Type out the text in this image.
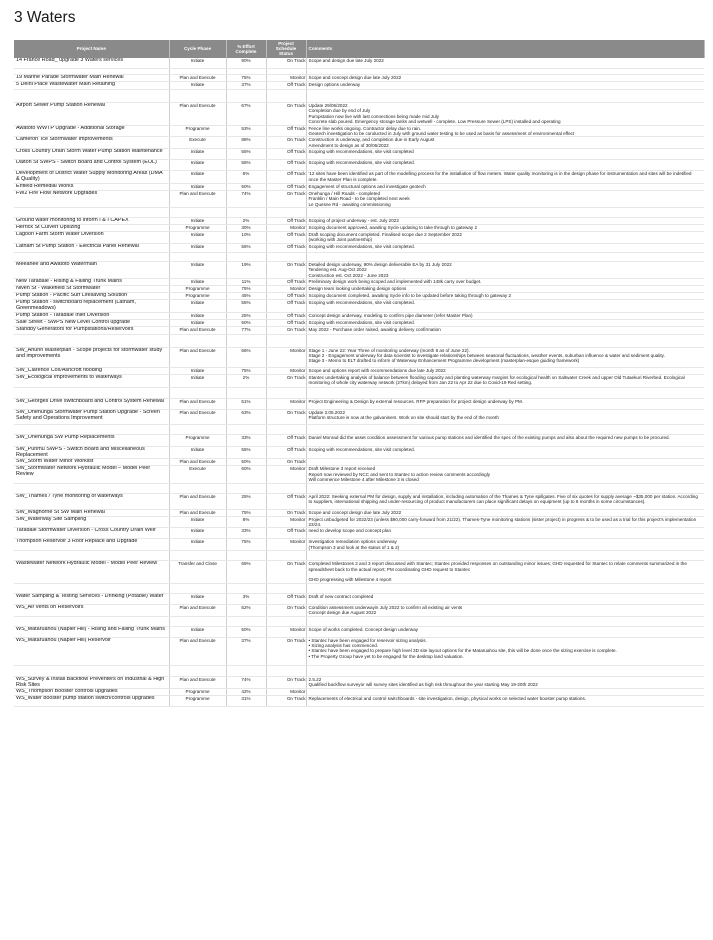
3 Waters
Project Name	Cycle Phase	% Effort Complete	Project Schedule Status	Comments
14 France Road_ upgrade 3 Waters services	Initiate	90%	On Track	Scope and design due late July 2022

19 Marine Parade Stormwater Main Renewal	Plan and Execute	75%	Monitor	Scope and concept design due late July 2022
5 Delhi Place Wastewater Main Retaining	Initiate	37%	Off Track	Design options underway

Airport Sewer Pump Station Renewal	Plan and Execute	67%	On Track	Update 29/06/2022
Completion due by end of July
Pumpstation now live with last connections being made mid July
Concrete slab poured. Emergency storage tanks and wetwell - complete. Low Pressure Sewer (LPS) installed and operating
Awatoto WWTP Upgrade - Additional Storage	Programme	53%	Off Track	Fence line works ongoing. Contractor delay due to rain.
Geotech investigation to be conducted in July with ground water testing to be used as basis for assessment of environmental effect
Cameron Tce Stormwater Improvements	Execute	88%	On Track	Construction is underway, and completion due in Early August
Amendment to design as of 30/06/2022
Cross Country Drain Storm Water Pump Station Maintenance	Initiate	55%	Off Track	Scoping with recommendations, site visit completed
Dalton St SWPS - Switch Board and Control System (EOL)	Initiate	55%	Off Track	Scoping with recommendations, site visit completed.
Development of District Water Supply Monitoring Areas (DMA & Quality)	Initiate	6%	Off Track	'12 sites have been identified as part of the modelling process for the installation of flow meters. Water quality monitoring is in the design phase for instrumentation and sites will be indetified once the Master Plan is complete.
Enfield Remedial Works	Initiate	50%	Off Track	Engagement of structural options and investigate geotech
FW2 Fire Flow Network Upgrades	Plan and Execute	74%	On Track	Onehunga / Hill Roads - completed
Franklin / Main Road - to be completed next week
Le Quesne Rd - awaiting commissioning

Ground water monitoring to inform I & I CAPEX	Initiate	2%	Off Track	Scoping of project underway - est. July 2022
Herrick St Culvert Upsizing	Programme	30%	Monitor	Scoping document approved, awaiting Sycle updating to take through to gateway 2
Lagoon Farm Storm Water Diversion	Initiate	10%	Off Track	Draft scoping document completed. Finalised scope due 2 September 2022
(working with Joint partnership)
Latham St Pump Station - Electrical Panel Renewal	Initiate	55%	Off Track	Scoping with recommendations, site visit completed.

Meeanee and Awatoto Watermain	Initiate	19%	On Track	Detailed design underway, 90% design deliverable EA by 31 July 2022
Tendering est. Aug-Oct 2022
Construction est. Oct 2022 - June 2023
New Taradale - Rising & Falling Trunk Mains	Initiate	11%	Off Track	Preliminary design work being scoped and implemented with 148k carry over budget.
Niven St - Wakefield St Stormwater	Programme	75%	Monitor	Design team looking undertaking design options
Pump Station - Pacific Surf Lifesaving Solution	Programme	45%	Off Track	Scoping document completed, awaiting Sycle info to be updated before taking through to gateway 2
Pump Station - switchboard replacement (Latham, Greenmeadows)	Initiate	55%	Off Track	Scoping with recommendations, site visit completed.
Pump Station - Taradale Inlet Diversion	Initiate	25%	Off Track	Concept design underway, modeling to confirm pipe diameter (refer Master Plan)
Sale Street - SWPS New Level Control upgrade	Initiate	50%	Off Track	Scoping with recommendations, site visit completed.
Standby Generators for Pumpstations/Reservoirs	Plan and Execute	77%	On Track	May 2022 - Purchase order raised, awaiting delivery confirmation

SW_Ahuriri Masterplan - Scope projects for stormwater study and improvements	Plan and Execute	66%	Monitor	Stage 1 - June 22: Year Three of monitoring underway (month 8 as of June 22).
Stage 2 - Engagement underway for data scientist to investigate relationships between seasonal fluctuations, weather events, suburban influence & water and sediment quality.
Stage 3 - Memo to ELT drafted to inform of Waterway Enhancement Programme development (masterplan-esque guiding framework)
SW_Clarence Cox/Ashcroft flooding	Initiate	75%	Monitor	Scope and options report with recommendations due late July 2022
SW_Ecological Improvements to Waterways	Initiate	2%	On Track	Stantec undertaking analysis of balance between flooding capacity and planting waterway margins for ecological health on Saltwater Creek and upper Old Tutaekuri Riverbed. Ecological monitoring of whole city waterway network (27km) delayed from Jan 22 to Apr 22 due to Covid-19 Red setting.

SW_Georges Drive switchboard and Control System Renewal	Plan and Execute	51%	Monitor	Project Engineering & Design by external resources. RFP preparation for project design underway by PM.
SW_Onehunga Stormwater Pump Station Upgrade - Screen Safety and Operations Improvement	Plan and Execute	63%	On Track	Update 2.05.2022
Platform structure is now at the galvanisers. Work on site should start by the end of the month

SW_Onehunga SW Pump Replacements	Programme	33%	Off Track	Daniel Monrad did the asset condition assessment for various pump stations and identified the spec of the existing pumps and also about the required new pumps to be procured.
SW_Purimu SWPS - Switch Board and Miscellaneous Replacement	Initiate	55%	Off Track	Scoping with recommendations, site visit completed.
SW_Storm Water Minor Worklist	Plan and Execute	50%	On Track	
SW_Stormwater Network Hydraulic Model – Model Peer Review	Execute	60%	Monitor	Draft Milestone 3 report received
Report now reviewed by NCC and sent to Stantec to action review comments accordingly
Will commence Milestone 4 after Milestone 3 is closed

SW_Thames / Tyne monitoring of waterways	Plan and Execute	25%	Off Track	April 2022: Seeking external PM for design, supply and installation, including automation of the Thames & Tyne spillgates. Five of six quotes for supply average ~$35,000 per station. According to suppliers, international shipping and under-resourcing of product manufacturers can place significant delays on equipment (up to 8 months in some circumstances).
SW_Waghorne St SW Main Renewal	Plan and Execute	75%	On Track	Scope and concept design due late July 2022
SW_Waterway Site Sampling	Initiate	8%	Monitor	Project unbudgeted for 2022/23 (unless $90,000 carry-forward from 21/22). Thames-Tyne monitoring stations (sister project) in progress & to be used as a trial for this project's implementation 23/24.
Taradale Stormwater Diversion - Cross Country Drain Weir	Initiate	33%	Off Track	need to develop scope and concept plan
Thompson Reservoir 3 Roof Replace and Upgrade	Initiate	75%	Monitor	Investigation remediation options underway
(Thompson 3 and look at the status of 1 & 2)

Wastewater Network Hydraulic Model - Model Peer Review	Transfer and Close	65%	On Track	Completed Milestones 2 and 3 report discussed with Stantec; Stantec provided responses on outstanding minor issues; GHD requested for Stantec to relate comments summarized in the spreadsheet back to the actual report; PM coordinating GHD request to Stantec

GHD progressing with Milestone 4 report

Water Sampling & Testing Services - Drinking (Potable) Water	Initiate	3%	Off Track	Draft of new contract completed
WS_Air vents on Reservoirs	Plan and Execute	52%	On Track	Condition assessment underwayin July 2022 to confirm all existing air vents
Concept design due August 2022

WS_Mataruahou (Napier Hill) - Rising and Falling Trunk Mains	Initiate	50%	Monitor	Scope of works completed. Concept design underway
WS_Mataruahou (Napier Hill) Reservoir	Plan and Execute	37%	On Track	• Stantec have been engaged for reservoir sizing analysis.
• Sizing analysis has commenced.
• Stantec have been engaged to prepare high level 3D site layout options for the Mataruahou site, this will be done once the sizing exercise is complete.
• The Property Group have yet to be engaged for the desktop land valuation.

WS_Survey & Install Backflow Preventers on Industrial & High Risk Sites	Plan and Execute	74%	On Track	2.5.22
Qualified backflow surveyor will survey sites identified as high risk throughout the year starting May 19-20th 2022
WS_Thompson Booster controls upgrades	Programme	42%	Monitor	
WS_Water booster pump station switch/controls upgrades	Programme	31%	On Track	Replacements of electrical and control switchboards - site investigation, design, physical works on selected water booster pump stations.
